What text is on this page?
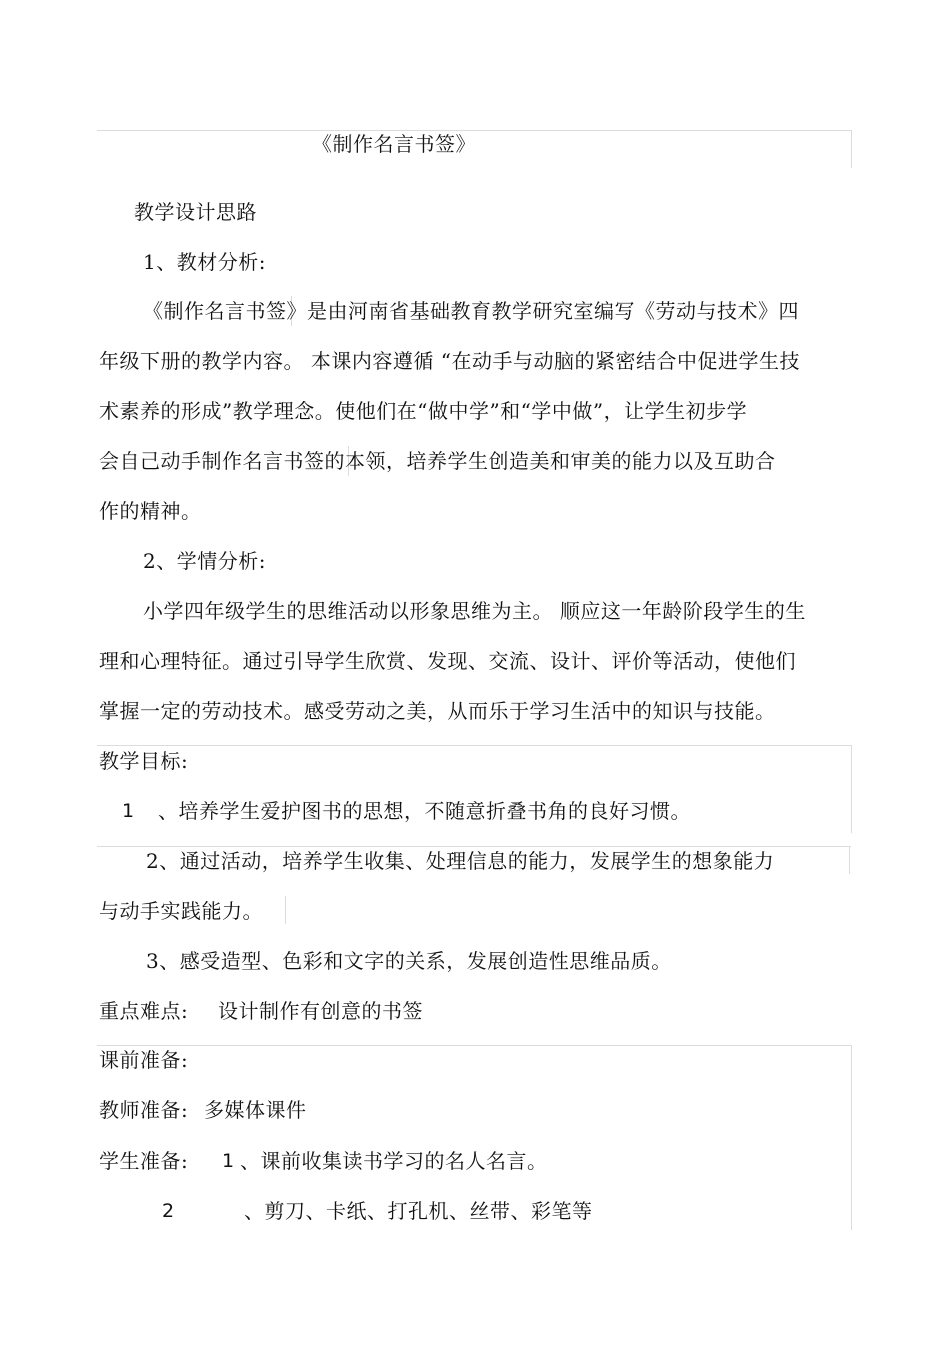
《制作名言书签》
教学设计思路
1、教材分析:
《制作名言书签》是由河南省基础教育教学研究室编写《劳动与技术》四
年级下册的教学内容。 本课内容遵循 “在动手与动脑的紧密结合中促进学生技
术素养的形成”教学理念。使他们在“做中学”和“学中做”，让学生初步学
会自己动手制作名言书签的本领，培养学生创造美和审美的能力以及互助合
作的精神。
2、学情分析:
小学四年级学生的思维活动以形象思维为主。 顺应这一年龄阶段学生的生
理和心理特征。通过引导学生欣赏、发现、交流、设计、评价等活动，使他们
掌握一定的劳动技术。感受劳动之美，从而乐于学习生活中的知识与技能。
教学目标:
1 、培养学生爱护图书的思想，不随意折叠书角的良好习惯。
2、通过活动，培养学生收集、处理信息的能力，发展学生的想象能力
与动手实践能力。
3、感受造型、色彩和文字的关系，发展创造性思维品质。
重点难点: 设计制作有创意的书签
课前准备:
教师准备: 多媒体课件
学生准备: 1 、课前收集读书学习的名人名言。
2	、剪刀、卡纸、打孔机、丝带、彩笔等
